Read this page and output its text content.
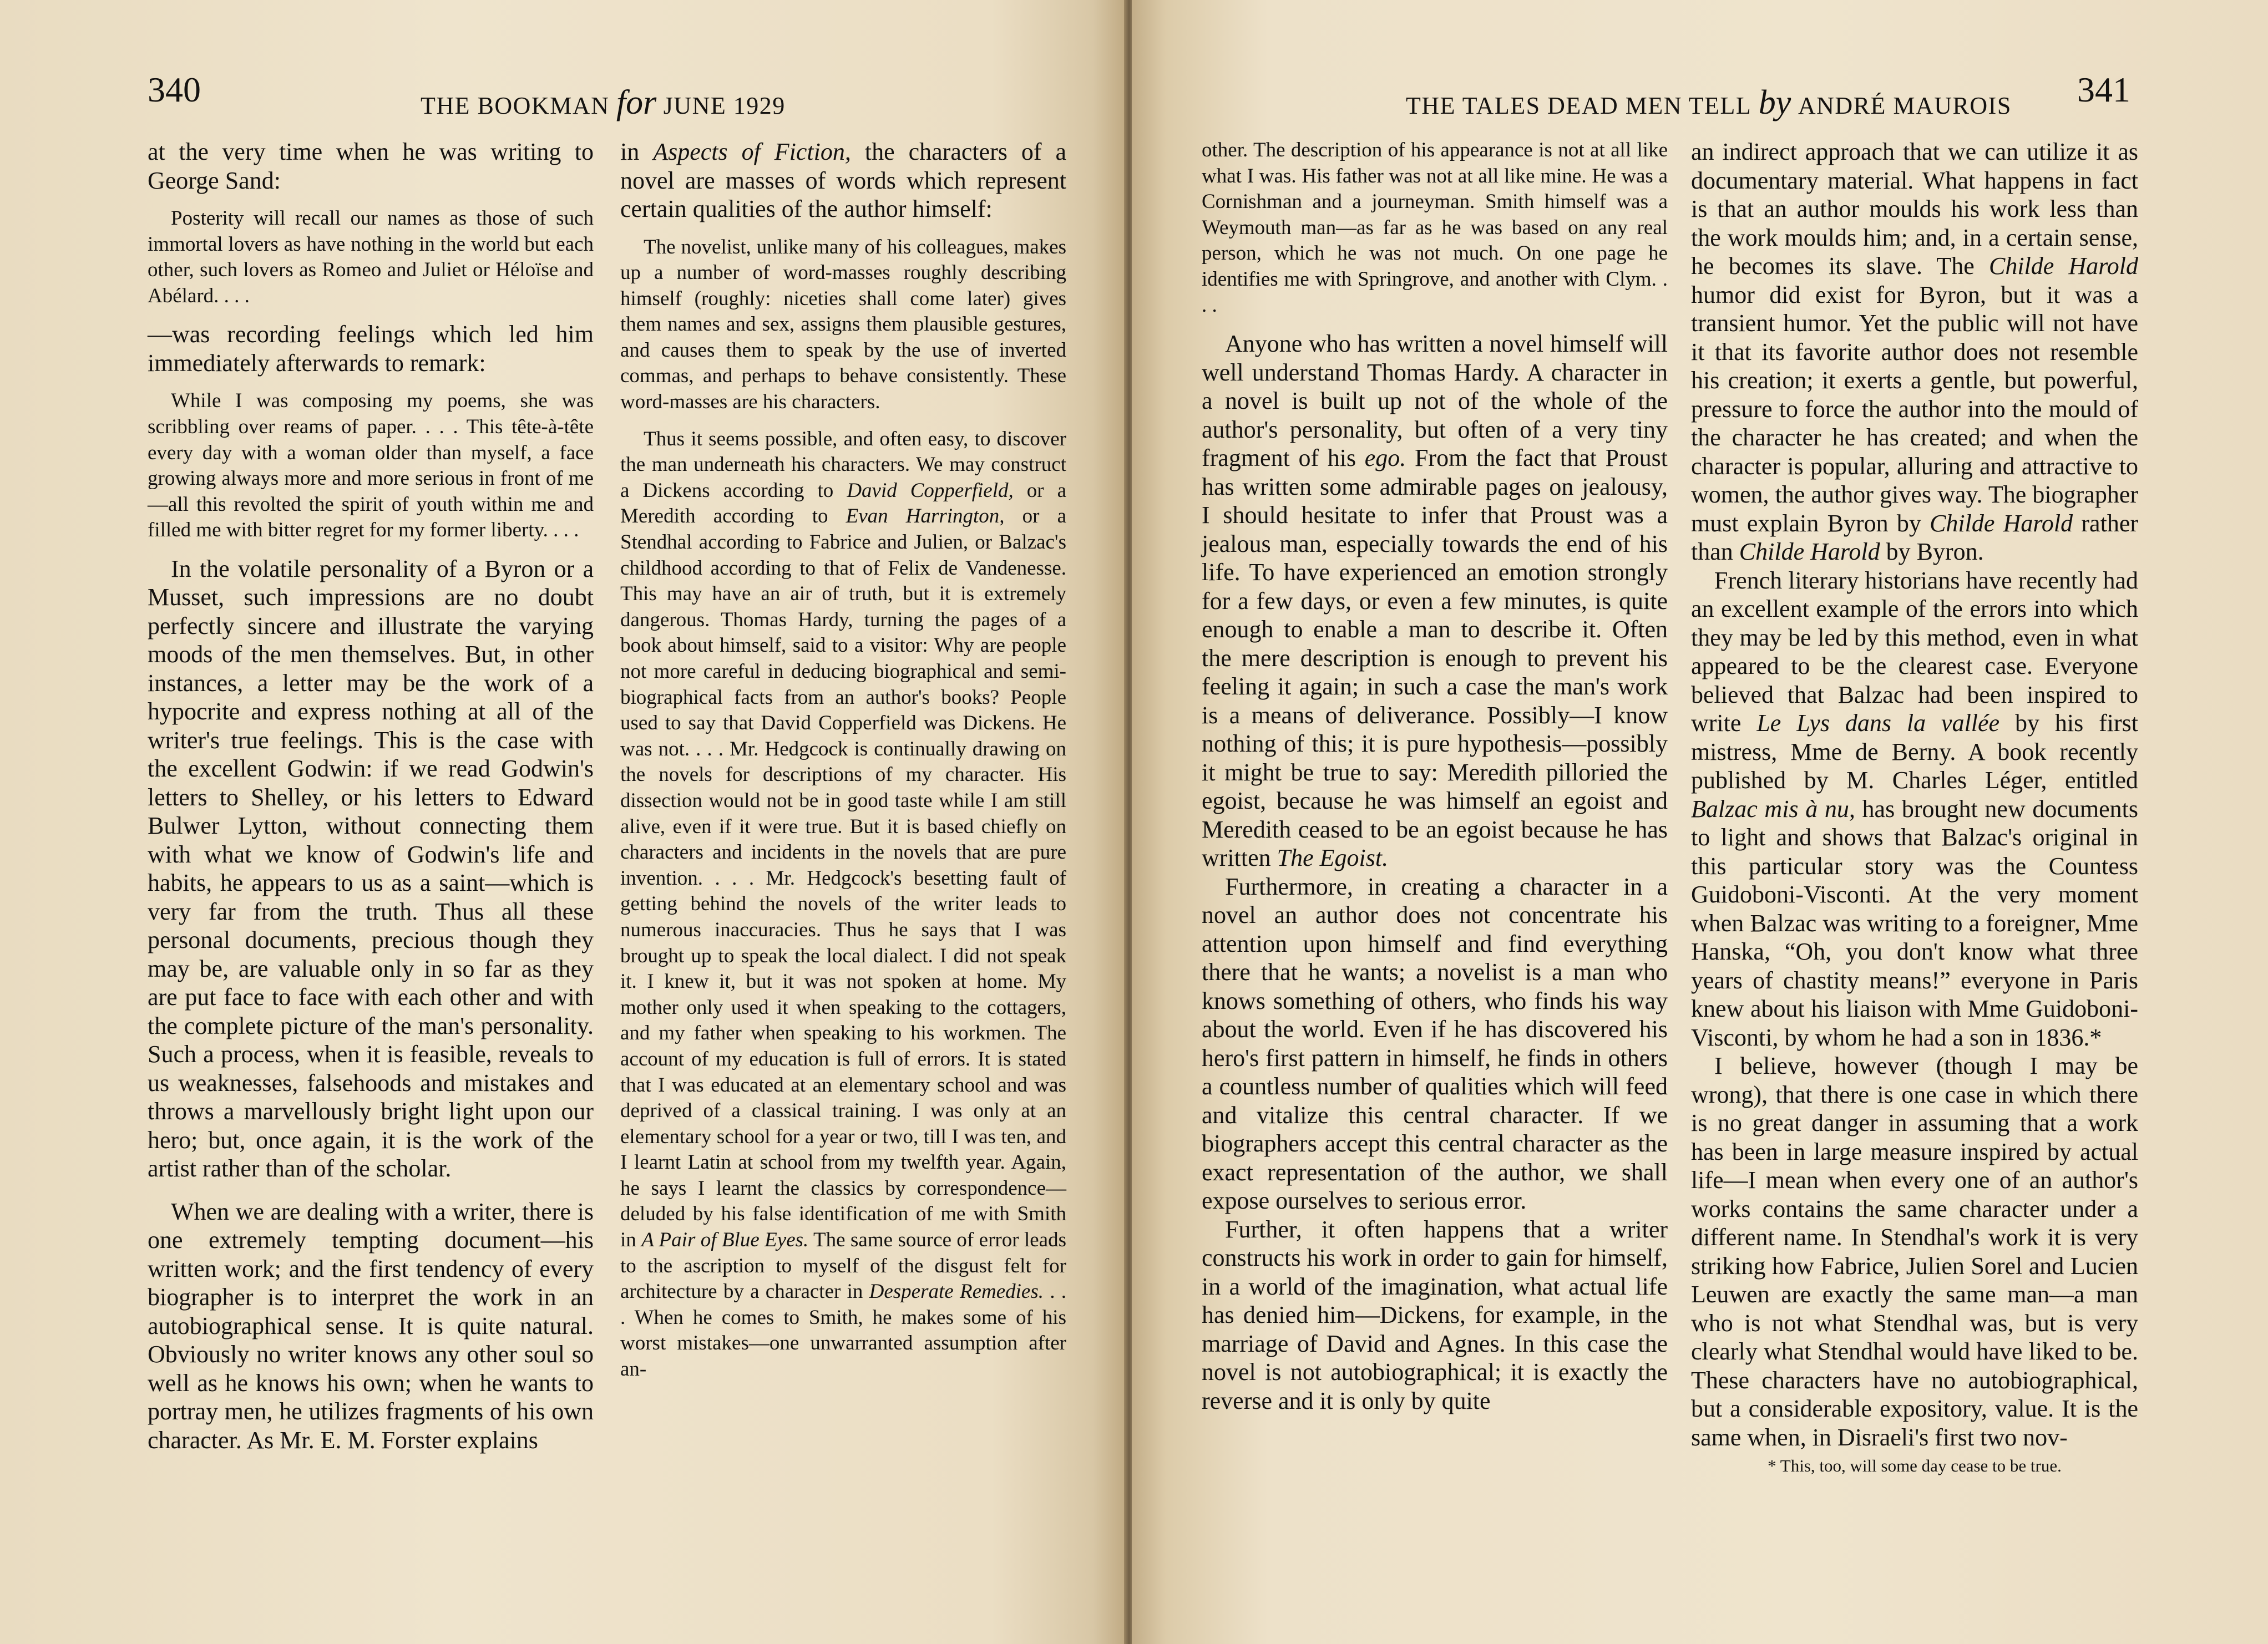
340	THE BOOKMAN for JUNE 1929

at the very time when he was writing to George Sand:

Posterity will recall our names as those of such immortal lovers as have nothing in the world but each other, such lovers as Romeo and Juliet or Héloïse and Abélard. . . .

—was recording feelings which led him immediately afterwards to remark:

While I was composing my poems, she was scribbling over reams of paper. . . . This tête-à-tête every day with a woman older than myself, a face growing always more and more serious in front of me—all this revolted the spirit of youth within me and filled me with bitter regret for my former liberty. . . .

In the volatile personality of a Byron or a Musset, such impressions are no doubt perfectly sincere and illustrate the varying moods of the men themselves. But, in other instances, a letter may be the work of a hypocrite and express nothing at all of the writer's true feelings. This is the case with the excellent Godwin: if we read Godwin's letters to Shelley, or his letters to Edward Bulwer Lytton, without connecting them with what we know of Godwin's life and habits, he appears to us as a saint—which is very far from the truth. Thus all these personal documents, precious though they may be, are valuable only in so far as they are put face to face with each other and with the complete picture of the man's personality. Such a process, when it is feasible, reveals to us weaknesses, falsehoods and mistakes and throws a marvellously bright light upon our hero; but, once again, it is the work of the artist rather than of the scholar.

When we are dealing with a writer, there is one extremely tempting document—his written work; and the first tendency of every biographer is to interpret the work in an autobiographical sense. It is quite natural. Obviously no writer knows any other soul so well as he knows his own; when he wants to portray men, he utilizes fragments of his own character. As Mr. E. M. Forster explains

in Aspects of Fiction, the characters of a novel are masses of words which represent certain qualities of the author himself:

The novelist, unlike many of his colleagues, makes up a number of word-masses roughly describing himself (roughly: niceties shall come later) gives them names and sex, assigns them plausible gestures, and causes them to speak by the use of inverted commas, and perhaps to behave consistently. These word-masses are his characters.

Thus it seems possible, and often easy, to discover the man underneath his characters. We may construct a Dickens according to David Copperfield, or a Meredith according to Evan Harrington, or a Stendhal according to Fabrice and Julien, or Balzac's childhood according to that of Felix de Vandenesse. This may have an air of truth, but it is extremely dangerous. Thomas Hardy, turning the pages of a book about himself, said to a visitor: Why are people not more careful in deducing biographical and semi-biographical facts from an author's books? People used to say that David Copperfield was Dickens. He was not. . . . Mr. Hedgcock is continually drawing on the novels for descriptions of my character. His dissection would not be in good taste while I am still alive, even if it were true. But it is based chiefly on characters and incidents in the novels that are pure invention. . . . Mr. Hedgcock's besetting fault of getting behind the novels of the writer leads to numerous inaccuracies. Thus he says that I was brought up to speak the local dialect. I did not speak it. I knew it, but it was not spoken at home. My mother only used it when speaking to the cottagers, and my father when speaking to his workmen. The account of my education is full of errors. It is stated that I was educated at an elementary school and was deprived of a classical training. I was only at an elementary school for a year or two, till I was ten, and I learnt Latin at school from my twelfth year. Again, he says I learnt the classics by correspondence—deluded by his false identification of me with Smith in A Pair of Blue Eyes. The same source of error leads to the ascription to myself of the disgust felt for architecture by a character in Desperate Remedies. . . . When he comes to Smith, he makes some of his worst mistakes—one unwarranted assumption after an-

THE TALES DEAD MEN TELL by ANDRÉ MAUROIS 341

other. The description of his appearance is not at all like what I was. His father was not at all like mine. He was a Cornishman and a journeyman. Smith himself was a Weymouth man—as far as he was based on any real person, which he was not much. On one page he identifies me with Springrove, and another with Clym. . . .

Anyone who has written a novel himself will well understand Thomas Hardy. A character in a novel is built up not of the whole of the author's personality, but often of a very tiny fragment of his ego. From the fact that Proust has written some admirable pages on jealousy, I should hesitate to infer that Proust was a jealous man, especially towards the end of his life. To have experienced an emotion strongly for a few days, or even a few minutes, is quite enough to enable a man to describe it. Often the mere description is enough to prevent his feeling it again; in such a case the man's work is a means of deliverance. Possibly—I know nothing of this; it is pure hypothesis—possibly it might be true to say: Meredith pilloried the egoist, because he was himself an egoist and Meredith ceased to be an egoist because he has written The Egoist.

Furthermore, in creating a character in a novel an author does not concentrate his attention upon himself and find everything there that he wants; a novelist is a man who knows something of others, who finds his way about the world. Even if he has discovered his hero's first pattern in himself, he finds in others a countless number of qualities which will feed and vitalize this central character. If we biographers accept this central character as the exact representation of the author, we shall expose ourselves to serious error.

Further, it often happens that a writer constructs his work in order to gain for himself, in a world of the imagination, what actual life has denied him—Dickens, for example, in the marriage of David and Agnes. In this case the novel is not autobiographical; it is exactly the reverse and it is only by quite

an indirect approach that we can utilize it as documentary material. What happens in fact is that an author moulds his work less than the work moulds him; and, in a certain sense, he becomes its slave. The Childe Harold humor did exist for Byron, but it was a transient humor. Yet the public will not have it that its favorite author does not resemble his creation; it exerts a gentle, but powerful, pressure to force the author into the mould of the character he has created; and when the character is popular, alluring and attractive to women, the author gives way. The biographer must explain Byron by Childe Harold rather than Childe Harold by Byron.

French literary historians have recently had an excellent example of the errors into which they may be led by this method, even in what appeared to be the clearest case. Everyone believed that Balzac had been inspired to write Le Lys dans la vallée by his first mistress, Mme de Berny. A book recently published by M. Charles Léger, entitled Balzac mis à nu, has brought new documents to light and shows that Balzac's original in this particular story was the Countess Guidoboni-Visconti. At the very moment when Balzac was writing to a foreigner, Mme Hanska, “Oh, you don't know what three years of chastity means!” everyone in Paris knew about his liaison with Mme Guidoboni-Visconti, by whom he had a son in 1836.*

I believe, however (though I may be wrong), that there is one case in which there is no great danger in assuming that a work has been in large measure inspired by actual life—I mean when every one of an author's works contains the same character under a different name. In Stendhal's work it is very striking how Fabrice, Julien Sorel and Lucien Leuwen are exactly the same man—a man who is not what Stendhal was, but is very clearly what Stendhal would have liked to be. These characters have no autobiographical, but a considerable expository, value. It is the same when, in Disraeli's first two nov-

* This, too, will some day cease to be true.
